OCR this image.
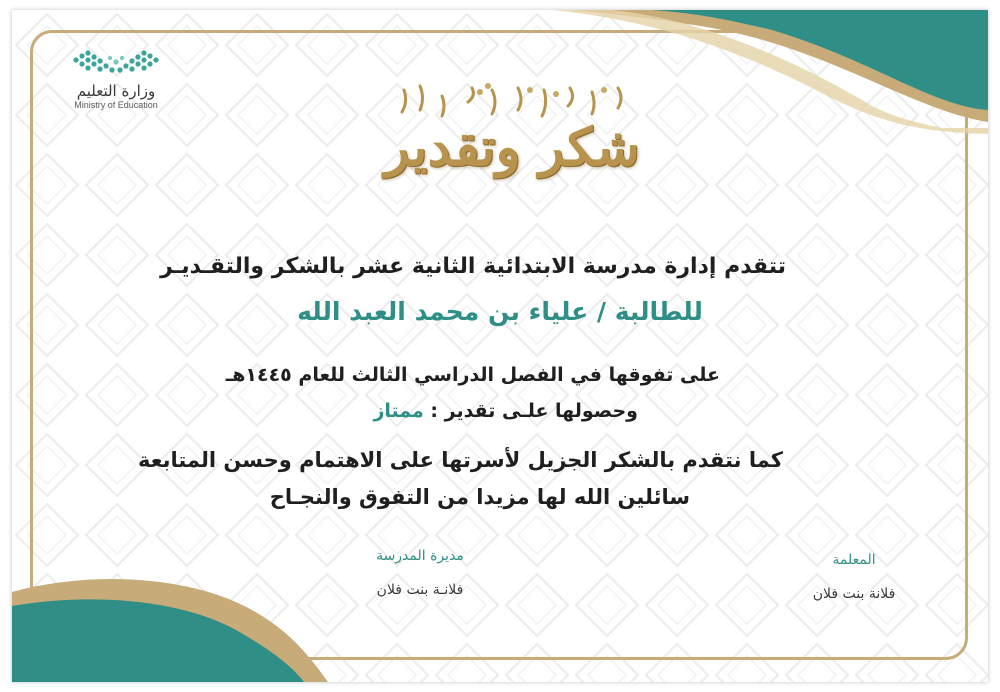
وزارة التعليم
Ministry of Education
شكر وتقدير
تتقدم إدارة مدرسة الابتدائية الثانية عشر بالشكر والتقـديـر
للطالبة / علياء بن محمد العبد الله
على تفوقها في الفصل الدراسي الثالث للعام ١٤٤٥هـ
وحصولها علـى تقدير : ممتاز
كما نتقدم بالشكر الجزيل لأسرتها على الاهتمام وحسن المتابعة
سائلين الله لها مزيدا من التفوق والنجـاح
مديرة المدرسة
فلانـة بنت فلان
المعلمة
فلانة بنت فلان
